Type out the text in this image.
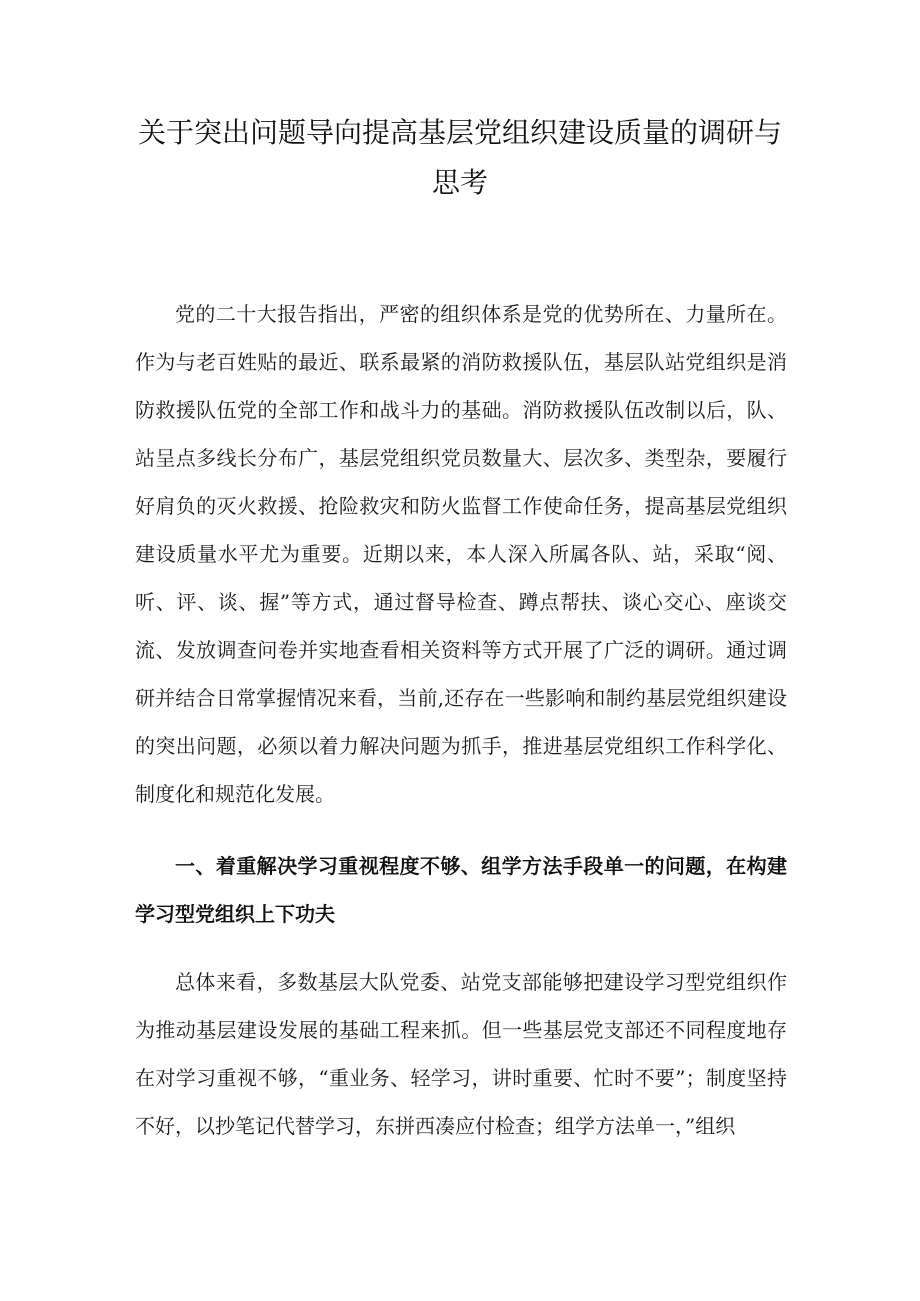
关于突出问题导向提高基层党组织建设质量的调研与思考

党的二十大报告指出，严密的组织体系是党的优势所在、力量所在。作为与老百姓贴的最近、联系最紧的消防救援队伍，基层队站党组织是消防救援队伍党的全部工作和战斗力的基础。消防救援队伍改制以后，队、站呈点多线长分布广，基层党组织党员数量大、层次多、类型杂，要履行好肩负的灭火救援、抢险救灾和防火监督工作使命任务，提高基层党组织建设质量水平尤为重要。近期以来，本人深入所属各队、站，采取“阅、听、评、谈、握”等方式，通过督导检查、蹲点帮扶、谈心交心、座谈交流、发放调查问卷并实地查看相关资料等方式开展了广泛的调研。通过调研并结合日常掌握情况来看，当前,还存在一些影响和制约基层党组织建设的突出问题，必须以着力解决问题为抓手，推进基层党组织工作科学化、制度化和规范化发展。

一、着重解决学习重视程度不够、组学方法手段单一的问题，在构建学习型党组织上下功夫

总体来看，多数基层大队党委、站党支部能够把建设学习型党组织作为推动基层建设发展的基础工程来抓。但一些基层党支部还不同程度地存在对学习重视不够，“重业务、轻学习，讲时重要、忙时不要”；制度坚持不好，以抄笔记代替学习，东拼西凑应付检查；组学方法单一，”组织
